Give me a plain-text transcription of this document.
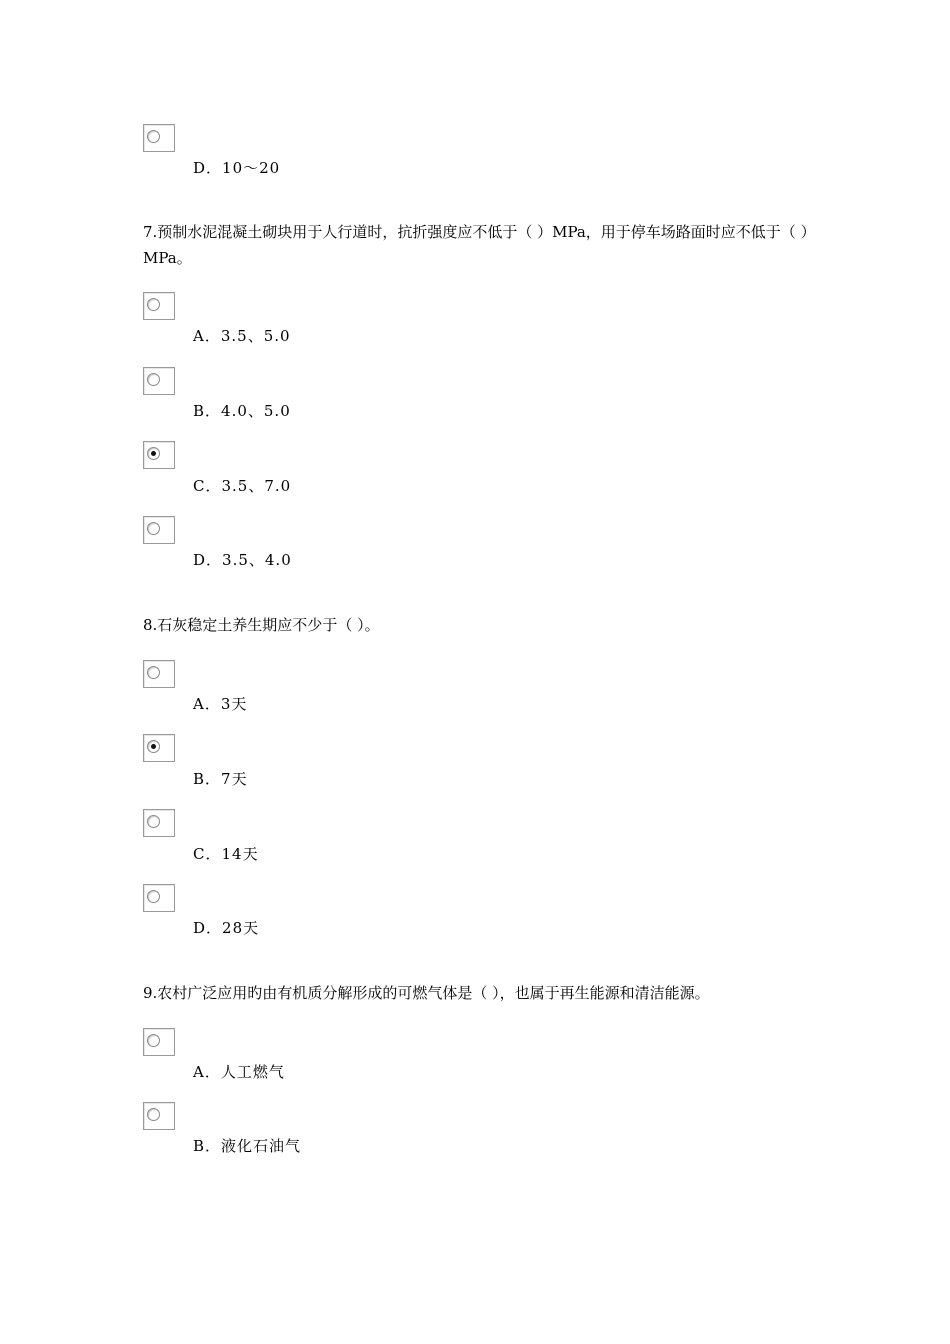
D．10～20
7.预制水泥混凝土砌块用于人行道时，抗折强度应不低于（ ）MPa，用于停车场路面时应不低于（ ）MPa。
A．3.5、5.0
B．4.0、5.0
C．3.5、7.0
D．3.5、4.0
8.石灰稳定土养生期应不少于（ ）。
A．3天
B．7天
C．14天
D．28天
9.农村广泛应用旳由有机质分解形成的可燃气体是（ ），也属于再生能源和清洁能源。
A．人工燃气
B．液化石油气
